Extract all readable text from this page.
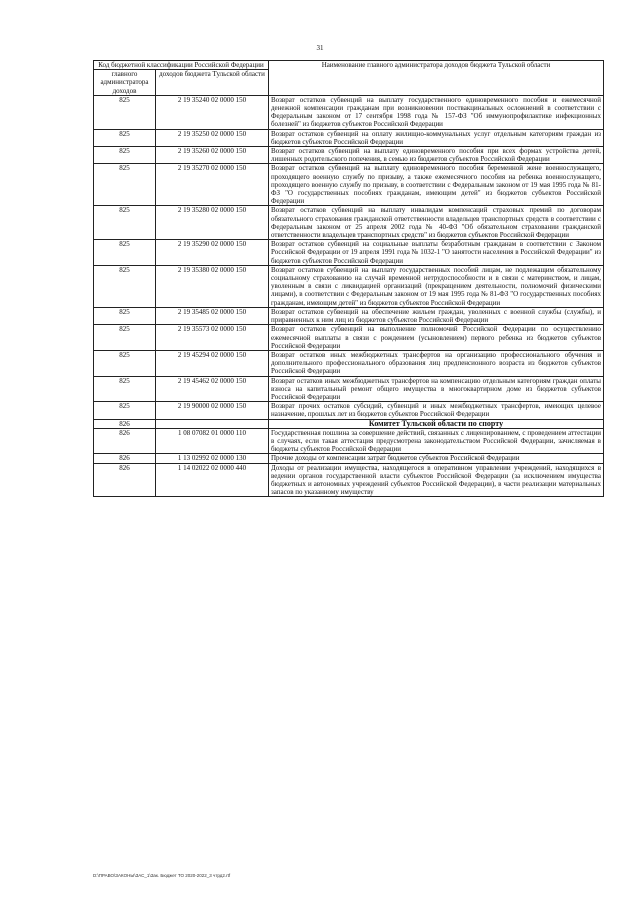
31
Код бюджетной классификации Российской Федерации		Наименование главного администратора доходов бюджета Тульской области
главного администратора доходов	доходов бюджета Тульской области	
825	2 19 35240 02 0000 150	Возврат остатков субвенций на выплату государственного единовременного пособия и ежемесячной денежной компенсации гражданам при возникновении поствакцинальных осложнений в соответствии с Федеральным законом от 17 сентября 1998 года № 157-ФЗ "Об иммунопрофилактике инфекционных болезней" из бюджетов субъектов Российской Федерации
825	2 19 35250 02 0000 150	Возврат остатков субвенций на оплату жилищно-коммунальных услуг отдельным категориям граждан из бюджетов субъектов Российской Федерации
825	2 19 35260 02 0000 150	Возврат остатков субвенций на выплату единовременного пособия при всех формах устройства детей, лишенных родительского попечения, в семью из бюджетов субъектов Российской Федерации
825	2 19 35270 02 0000 150	Возврат остатков субвенций на выплату единовременного пособия беременной жене военнослужащего, проходящего военную службу по призыву, а также ежемесячного пособия на ребенка военнослужащего, проходящего военную службу по призыву, в соответствии с Федеральным законом от 19 мая 1995 года № 81-ФЗ "О государственных пособиях гражданам, имеющим детей" из бюджетов субъектов Российской Федерации
825	2 19 35280 02 0000 150	Возврат остатков субвенций на выплату инвалидам компенсаций страховых премий по договорам обязательного страхования гражданской ответственности владельцев транспортных средств в соответствии с Федеральным законом от 25 апреля 2002 года № 40-ФЗ "Об обязательном страховании гражданской ответственности владельцев транспортных средств" из бюджетов субъектов Российской Федерации
825	2 19 35290 02 0000 150	Возврат остатков субвенций на социальные выплаты безработным гражданам в соответствии с Законом Российской Федерации от 19 апреля 1991 года № 1032-1 "О занятости населения в Российской Федерации" из бюджетов субъектов Российской Федерации
825	2 19 35380 02 0000 150	Возврат остатков субвенций на выплату государственных пособий лицам, не подлежащим обязательному социальному страхованию на случай временной нетрудоспособности и в связи с материнством, и лицам, уволенным в связи с ликвидацией организаций (прекращением деятельности, полномочий физическими лицами), в соответствии с Федеральным законом от 19 мая 1995 года № 81-ФЗ "О государственных пособиях гражданам, имеющим детей" из бюджетов субъектов Российской Федерации
825	2 19 35485 02 0000 150	Возврат остатков субвенций на обеспечение жильем граждан, уволенных с военной службы (службы), и приравненных к ним лиц из бюджетов субъектов Российской Федерации
825	2 19 35573 02 0000 150	Возврат остатков субвенций на выполнение полномочий Российской Федерации по осуществлению ежемесячной выплаты в связи с рождением (усыновлением) первого ребенка из бюджетов субъектов Российской Федерации
825	2 19 45294 02 0000 150	Возврат остатков иных межбюджетных трансфертов на организацию профессионального обучения и дополнительного профессионального образования лиц предпенсионного возраста из бюджетов субъектов Российской Федерации
825	2 19 45462 02 0000 150	Возврат остатков иных межбюджетных трансфертов на компенсацию отдельным категориям граждан оплаты взноса на капитальный ремонт общего имущества в многоквартирном доме из бюджетов субъектов Российской Федерации
825	2 19 90000 02 0000 150	Возврат прочих остатков субсидий, субвенций и иных межбюджетных трансфертов, имеющих целевое назначение, прошлых лет из бюджетов субъектов Российской Федерации
826		Комитет Тульской области по спорту
826	1 08 07082 01 0000 110	Государственная пошлина за совершение действий, связанных с лицензированием, с проведением аттестации в случаях, если такая аттестация предусмотрена законодательством Российской Федерации, зачисляемая в бюджеты субъектов Российской Федерации
826	1 13 02992 02 0000 130	Прочие доходы от компенсации затрат бюджетов субъектов Российской Федерации
826	1 14 02022 02 0000 440	Доходы от реализации имущества, находящегося в оперативном управлении учреждений, находящихся в ведении органов государственной власти субъектов Российской Федерации (за исключением имущества бюджетных и автономных учреждений субъектов Российской Федерации), в части реализации материальных запасов по указанному имуществу
D:\ПРАВО\ЗАКОНЫ\ЗАС_1\Зак. Бюджет ТО 2020-2022_3 чтрд2.rtf
